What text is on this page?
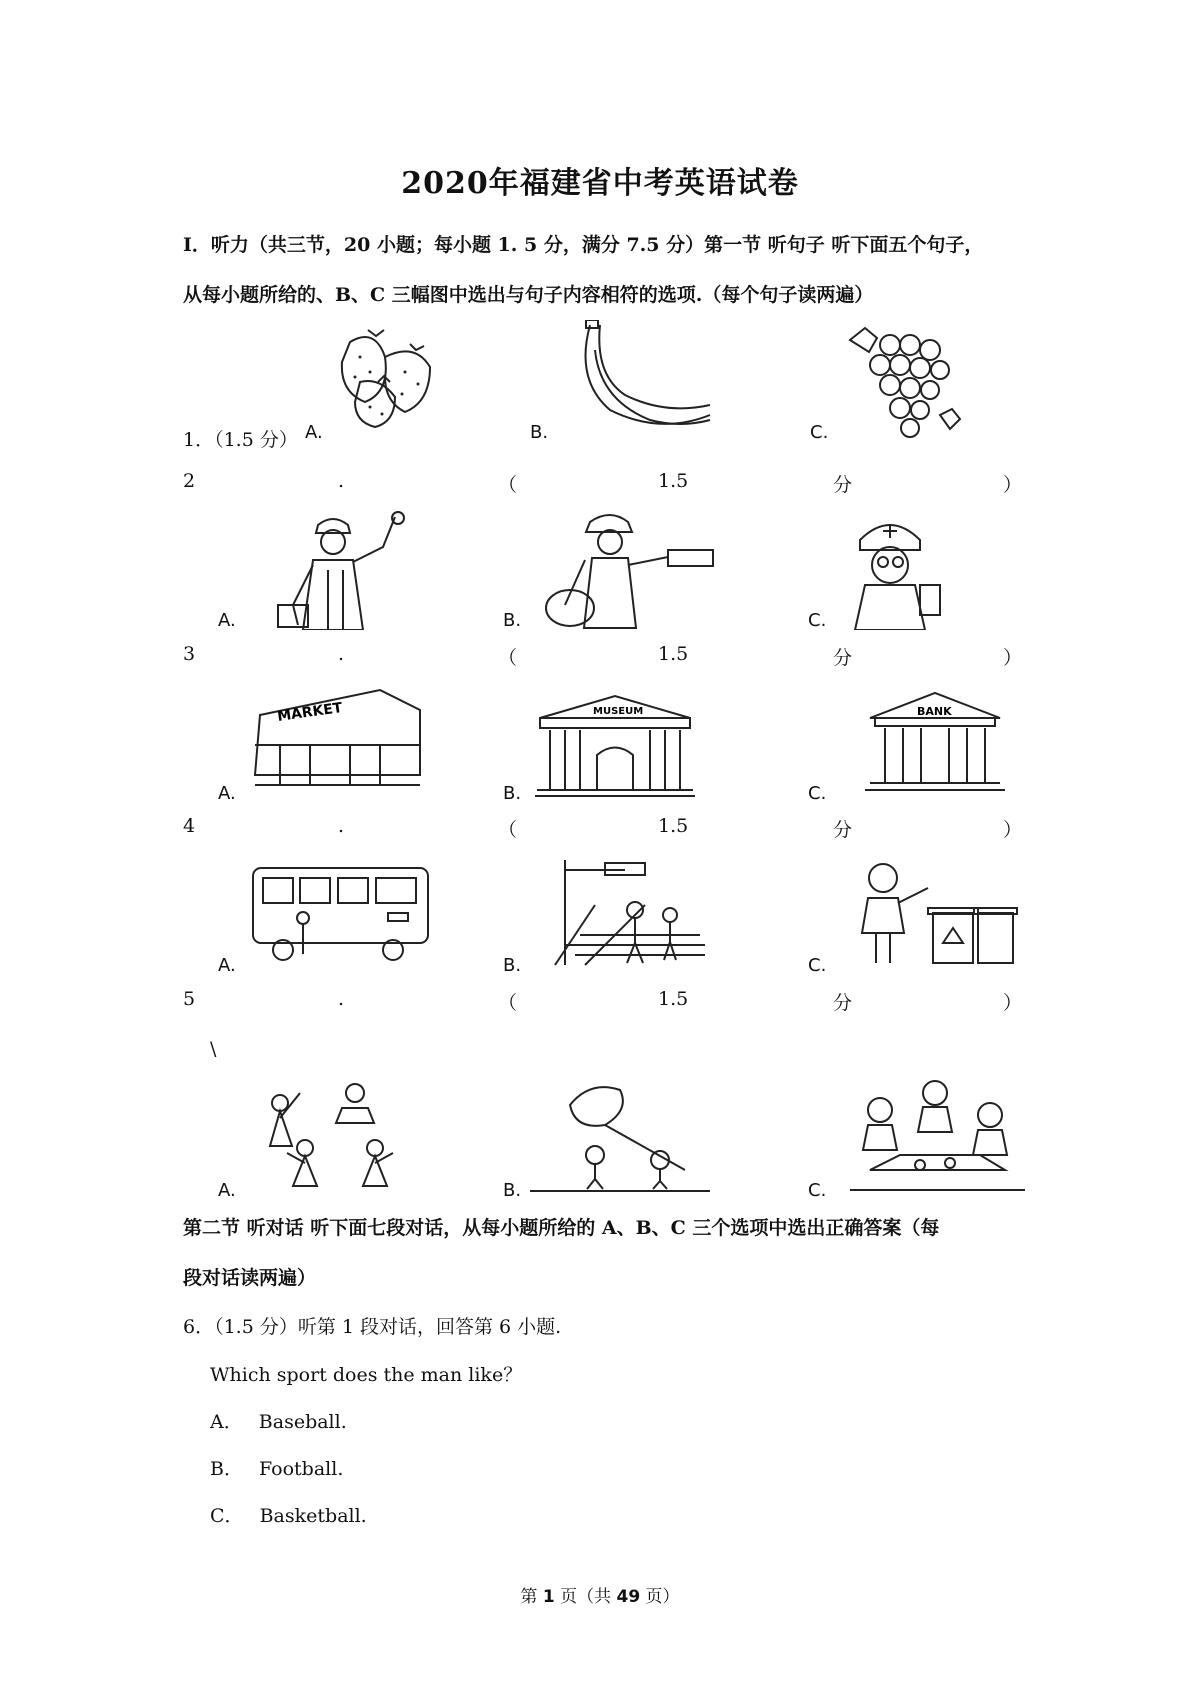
2020年福建省中考英语试卷
Ⅰ．听力（共三节，20 小题；每小题 1. 5 分，满分 7.5 分）第一节 听句子 听下面五个句子，
从每小题所给的、B、C 三幅图中选出与句子内容相符的选项.（每个句子读两遍）
1．（1.5 分） A.	B.	C.
2	.	（	1.5	分	）
A.	B.	C.
3	.	（	1.5	分	）
A.
MARKET
B.
MUSEUM
C.
BANK
4	.	（	1.5	分	）
A.	B.	C.
5	.	（	1.5	分	）
\
A.	B.	C.
第二节 听对话 听下面七段对话，从每小题所给的 A、B、C 三个选项中选出正确答案（每
段对话读两遍）
6．（1.5 分）听第 1 段对话，回答第 6 小题.
Which sport does the man like？
A． Baseball.
B． Football.
C． Basketball.
第 1 页（共 49 页）
